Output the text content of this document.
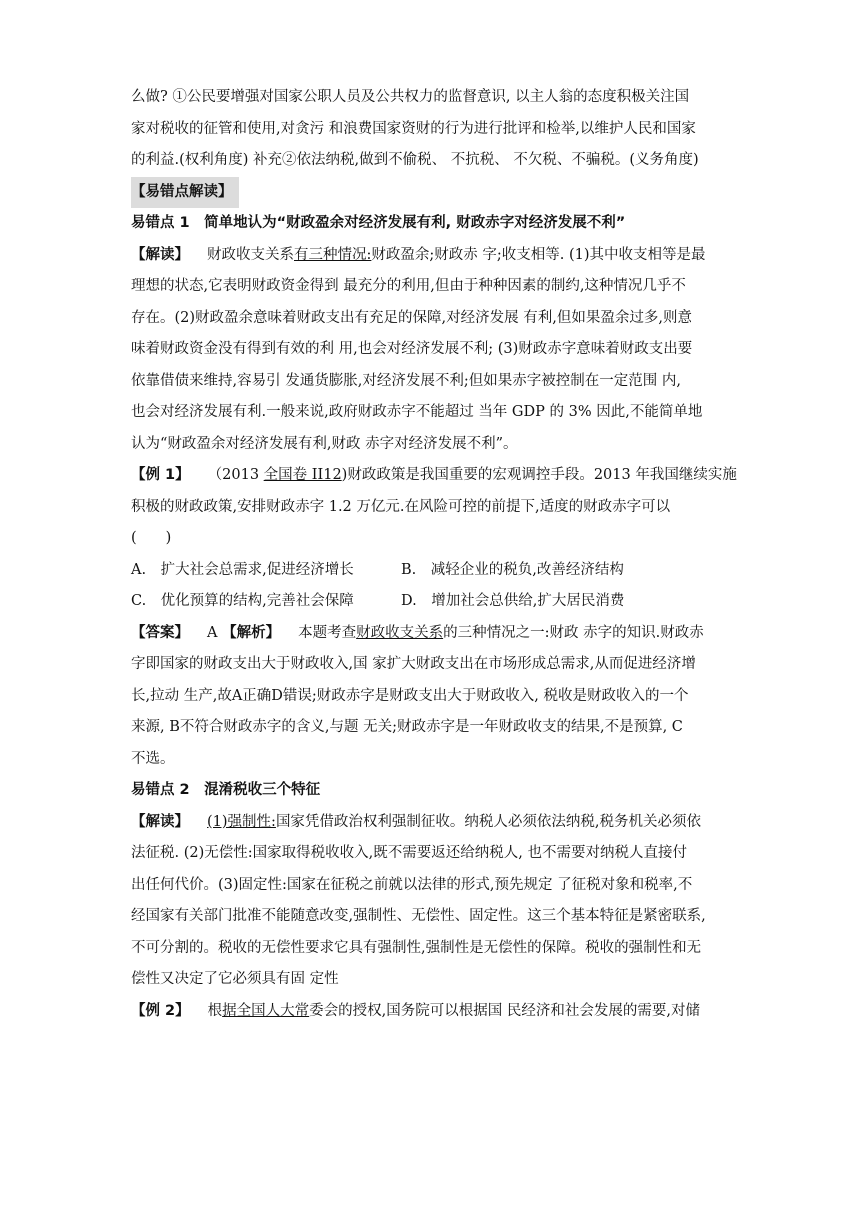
么做? ①公民要增强对国家公职人员及公共权力的监督意识, 以主人翁的态度积极关注国

家对税收的征管和使用,对贪污 和浪费国家资财的行为进行批评和检举,以维护人民和国家

的利益.(权利角度) 补充②依法纳税,做到不偷税、 不抗税、 不欠税、不骗税。(义务角度)

【易错点解读】

易错点 1　简单地认为“财政盈余对经济发展有利, 财政赤字对经济发展不利”

【解读】 财政收支关系有三种情况:财政盈余;财政赤 字;收支相等. (1)其中收支相等是最

理想的状态,它表明财政资金得到 最充分的利用,但由于种种因素的制约,这种情况几乎不

存在。(2)财政盈余意味着财政支出有充足的保障,对经济发展 有利,但如果盈余过多,则意

味着财政资金没有得到有效的利 用,也会对经济发展不利; (3)财政赤字意味着财政支出要

依靠借债来维持,容易引 发通货膨胀,对经济发展不利;但如果赤字被控制在一定范围 内,

也会对经济发展有利.一般来说,政府财政赤字不能超过 当年 GDP 的 3% 因此,不能简单地

认为“财政盈余对经济发展有利,财政 赤字对经济发展不利”。

【例 1】 （2013 全国卷 II12)财政政策是我国重要的宏观调控手段。2013 年我国继续实施

积极的财政政策,安排财政赤字 1.2 万亿元.在风险可控的前提下,适度的财政赤字可以

(　　)

A.　扩大社会总需求,促进经济增长	B.　减轻企业的税负,改善经济结构

C.　优化预算的结构,完善社会保障	D.　增加社会总供给,扩大居民消费

【答案】 A 【解析】 本题考查财政收支关系的三种情况之一:财政 赤字的知识.财政赤

字即国家的财政支出大于财政收入,国 家扩大财政支出在市场形成总需求,从而促进经济增

长,拉动 生产,故A正确D错误;财政赤字是财政支出大于财政收入, 税收是财政收入的一个

来源, B不符合财政赤字的含义,与题 无关;财政赤字是一年财政收支的结果,不是预算, C

不选。

易错点 2　混淆税收三个特征

【解读】 (1)强制性:国家凭借政治权利强制征收。纳税人必须依法纳税,税务机关必须依

法征税. (2)无偿性:国家取得税收收入,既不需要返还给纳税人, 也不需要对纳税人直接付

出任何代价。(3)固定性:国家在征税之前就以法律的形式,预先规定 了征税对象和税率,不

经国家有关部门批准不能随意改变,强制性、无偿性、固定性。这三个基本特征是紧密联系,

不可分割的。税收的无偿性要求它具有强制性,强制性是无偿性的保障。税收的强制性和无

偿性又决定了它必须具有固 定性

【例 2】 根据全国人大常委会的授权,国务院可以根据国 民经济和社会发展的需要,对储
